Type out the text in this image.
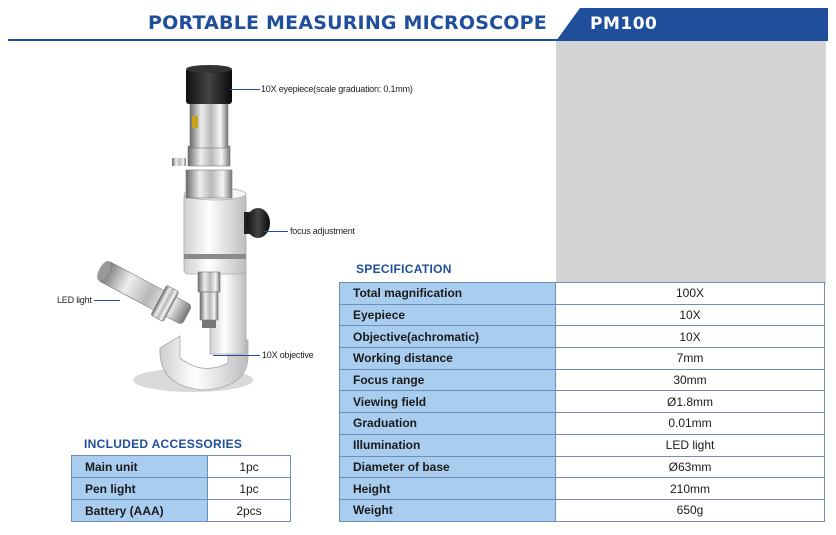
PORTABLE MEASURING MICROSCOPE	PM100
10X eyepiece(scale graduation: 0.1mm)
focus adjustment
LED light
10X objective
SPECIFICATION
Total magnification	100X
Eyepiece	10X
Objective(achromatic)	10X
Working distance	7mm
Focus range	30mm
Viewing field	Ø1.8mm
Graduation	0.01mm
Illumination	LED light
Diameter of base	Ø63mm
Height	210mm
Weight	650g
INCLUDED ACCESSORIES
Main unit	1pc
Pen light	1pc
Battery (AAA)	2pcs
